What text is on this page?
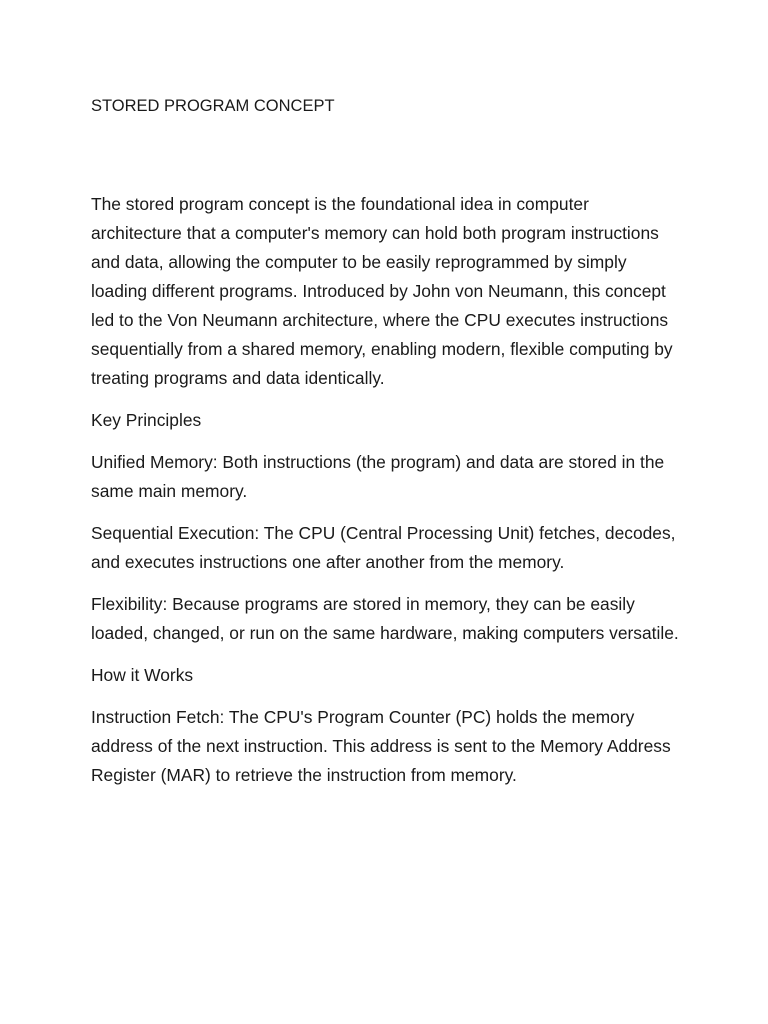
STORED PROGRAM CONCEPT

The stored program concept is the foundational idea in computer architecture that a computer's memory can hold both program instructions and data, allowing the computer to be easily reprogrammed by simply loading different programs. Introduced by John von Neumann, this concept led to the Von Neumann architecture, where the CPU executes instructions sequentially from a shared memory, enabling modern, flexible computing by treating programs and data identically.

Key Principles

Unified Memory: Both instructions (the program) and data are stored in the same main memory.

Sequential Execution: The CPU (Central Processing Unit) fetches, decodes, and executes instructions one after another from the memory.

Flexibility: Because programs are stored in memory, they can be easily loaded, changed, or run on the same hardware, making computers versatile.

How it Works

Instruction Fetch: The CPU's Program Counter (PC) holds the memory address of the next instruction. This address is sent to the Memory Address Register (MAR) to retrieve the instruction from memory.
